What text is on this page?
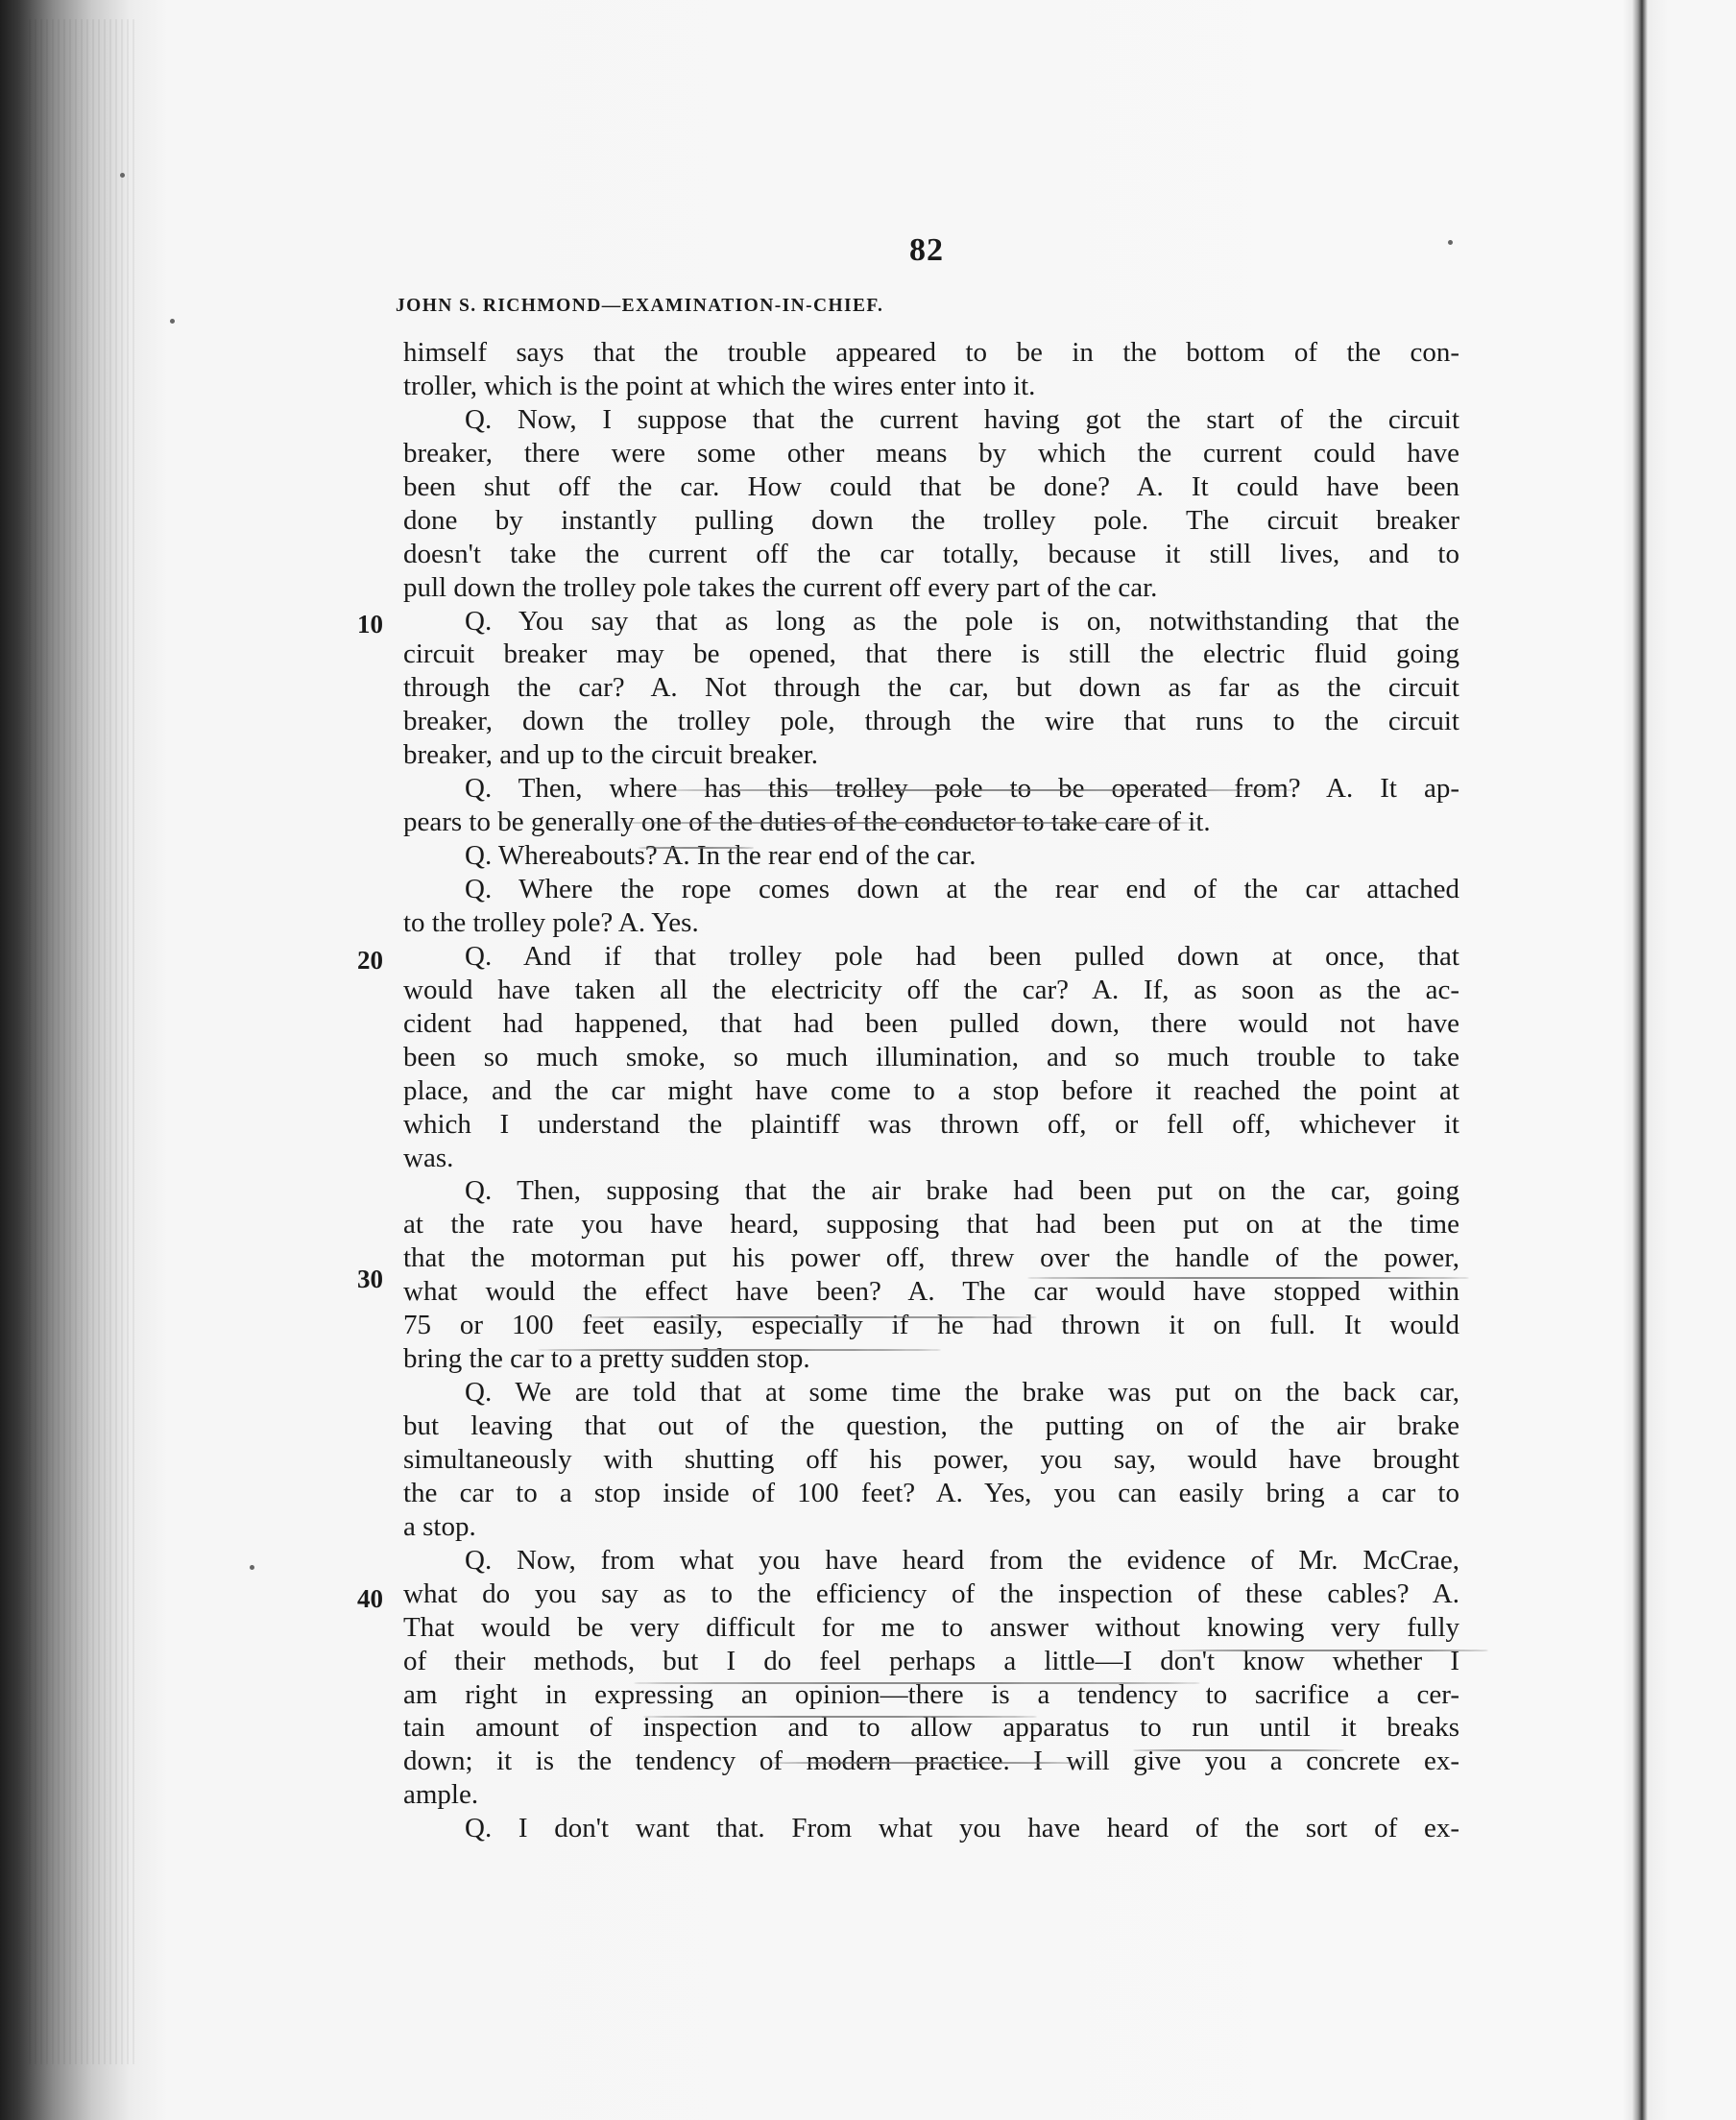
82
JOHN S. RICHMOND—EXAMINATION-IN-CHIEF.
10
20
30
40
himself says that the trouble appeared to be in the bottom of the con-
troller, which is the point at which the wires enter into it.
Q. Now, I suppose that the current having got the start of the circuit
breaker, there were some other means by which the current could have
been shut off the car. How could that be done? A. It could have been
done by instantly pulling down the trolley pole. The circuit breaker
doesn't take the current off the car totally, because it still lives, and to
pull down the trolley pole takes the current off every part of the car.
Q. You say that as long as the pole is on, notwithstanding that the
circuit breaker may be opened, that there is still the electric fluid going
through the car? A. Not through the car, but down as far as the circuit
breaker, down the trolley pole, through the wire that runs to the circuit
breaker, and up to the circuit breaker.
Q. Then, where has this trolley pole to be operated from? A. It ap-
pears to be generally one of the duties of the conductor to take care of it.
Q. Whereabouts? A. In the rear end of the car.
Q. Where the rope comes down at the rear end of the car attached
to the trolley pole? A. Yes.
Q. And if that trolley pole had been pulled down at once, that
would have taken all the electricity off the car? A. If, as soon as the ac-
cident had happened, that had been pulled down, there would not have
been so much smoke, so much illumination, and so much trouble to take
place, and the car might have come to a stop before it reached the point at
which I understand the plaintiff was thrown off, or fell off, whichever it
was.
Q. Then, supposing that the air brake had been put on the car, going
at the rate you have heard, supposing that had been put on at the time
that the motorman put his power off, threw over the handle of the power,
what would the effect have been? A. The car would have stopped within
75 or 100 feet easily, especially if he had thrown it on full. It would
bring the car to a pretty sudden stop.
Q. We are told that at some time the brake was put on the back car,
but leaving that out of the question, the putting on of the air brake
simultaneously with shutting off his power, you say, would have brought
the car to a stop inside of 100 feet? A. Yes, you can easily bring a car to
a stop.
Q. Now, from what you have heard from the evidence of Mr. McCrae,
what do you say as to the efficiency of the inspection of these cables? A.
That would be very difficult for me to answer without knowing very fully
of their methods, but I do feel perhaps a little—I don't know whether I
am right in expressing an opinion—there is a tendency to sacrifice a cer-
tain amount of inspection and to allow apparatus to run until it breaks
down; it is the tendency of modern practice. I will give you a concrete ex-
ample.
Q. I don't want that. From what you have heard of the sort of ex-
